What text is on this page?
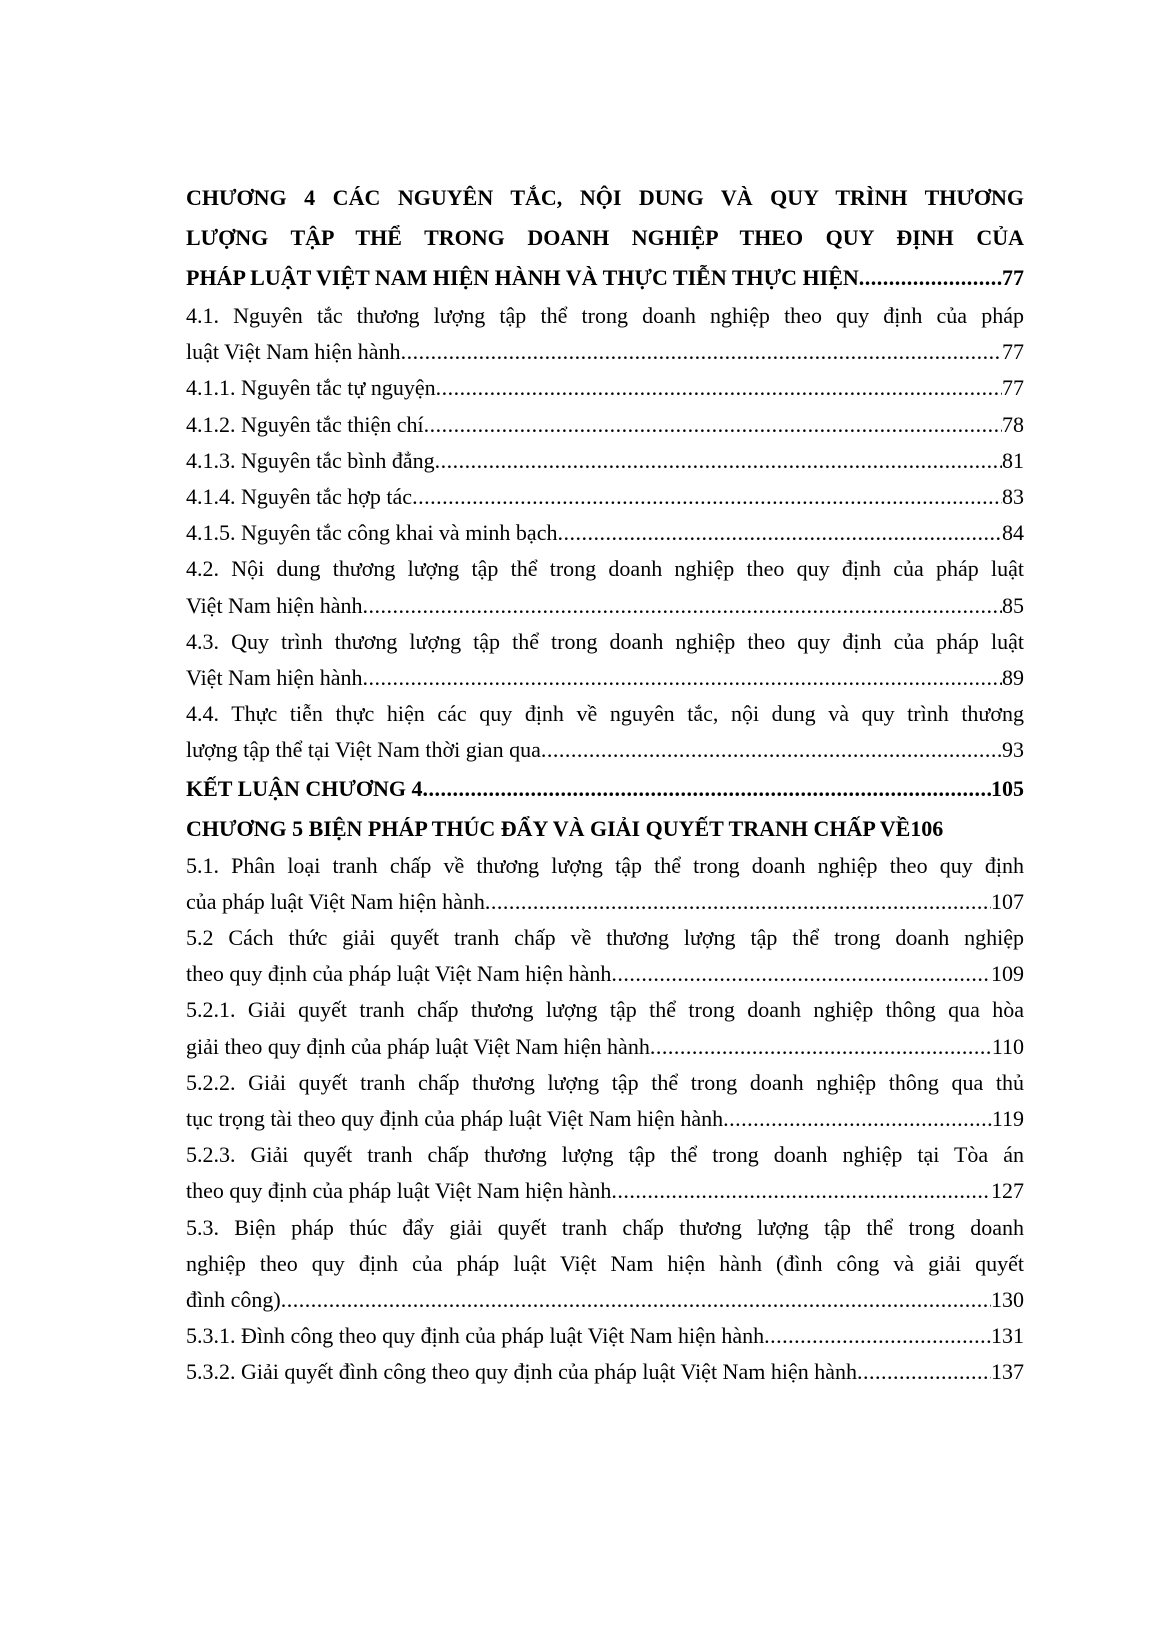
CHƯƠNG 4 CÁC NGUYÊN TẮC, NỘI DUNG VÀ QUY TRÌNH THƯƠNG
LƯỢNG TẬP THỂ TRONG DOANH NGHIỆP THEO QUY ĐỊNH CỦA
PHÁP LUẬT VIỆT NAM HIỆN HÀNH VÀ THỰC TIỄN THỰC HIỆN .....	77
4.1. Nguyên tắc thương lượng tập thể trong doanh nghiệp theo quy định của pháp
luật Việt Nam hiện hành .....	77
4.1.1. Nguyên tắc tự nguyện .....	77
4.1.2. Nguyên tắc thiện chí .....	78
4.1.3. Nguyên tắc bình đẳng .....	81
4.1.4. Nguyên tắc hợp tác .....	83
4.1.5. Nguyên tắc công khai và minh bạch .....	84
4.2. Nội dung thương lượng tập thể trong doanh nghiệp theo quy định của pháp luật
Việt Nam hiện hành .....	85
4.3. Quy trình thương lượng tập thể trong doanh nghiệp theo quy định của pháp luật
Việt Nam hiện hành .....	89
4.4. Thực tiễn thực hiện các quy định về nguyên tắc, nội dung và quy trình thương
lượng tập thể tại Việt Nam thời gian qua .....	93
KẾT LUẬN CHƯƠNG 4 .....	105
CHƯƠNG 5 BIỆN PHÁP THÚC ĐẨY VÀ GIẢI QUYẾT TRANH CHẤP VỀ 106
5.1. Phân loại tranh chấp về thương lượng tập thể trong doanh nghiệp theo quy định
của pháp luật Việt Nam hiện hành .....	107
5.2 Cách thức giải quyết tranh chấp về thương lượng tập thể trong doanh nghiệp
theo quy định của pháp luật Việt Nam hiện hành .....	109
5.2.1. Giải quyết tranh chấp thương lượng tập thể trong doanh nghiệp thông qua hòa
giải theo quy định của pháp luật Việt Nam hiện hành .....	110
5.2.2. Giải quyết tranh chấp thương lượng tập thể trong doanh nghiệp thông qua thủ
tục trọng tài theo quy định của pháp luật Việt Nam hiện hành .....	119
5.2.3. Giải quyết tranh chấp thương lượng tập thể trong doanh nghiệp tại Tòa án
theo quy định của pháp luật Việt Nam hiện hành .....	127
5.3. Biện pháp thúc đẩy giải quyết tranh chấp thương lượng tập thể trong doanh
nghiệp theo quy định của pháp luật Việt Nam hiện hành (đình công và giải quyết
đình công) .....	130
5.3.1. Đình công theo quy định của pháp luật Việt Nam hiện hành .....	131
5.3.2. Giải quyết đình công theo quy định của pháp luật Việt Nam hiện hành .....	137
